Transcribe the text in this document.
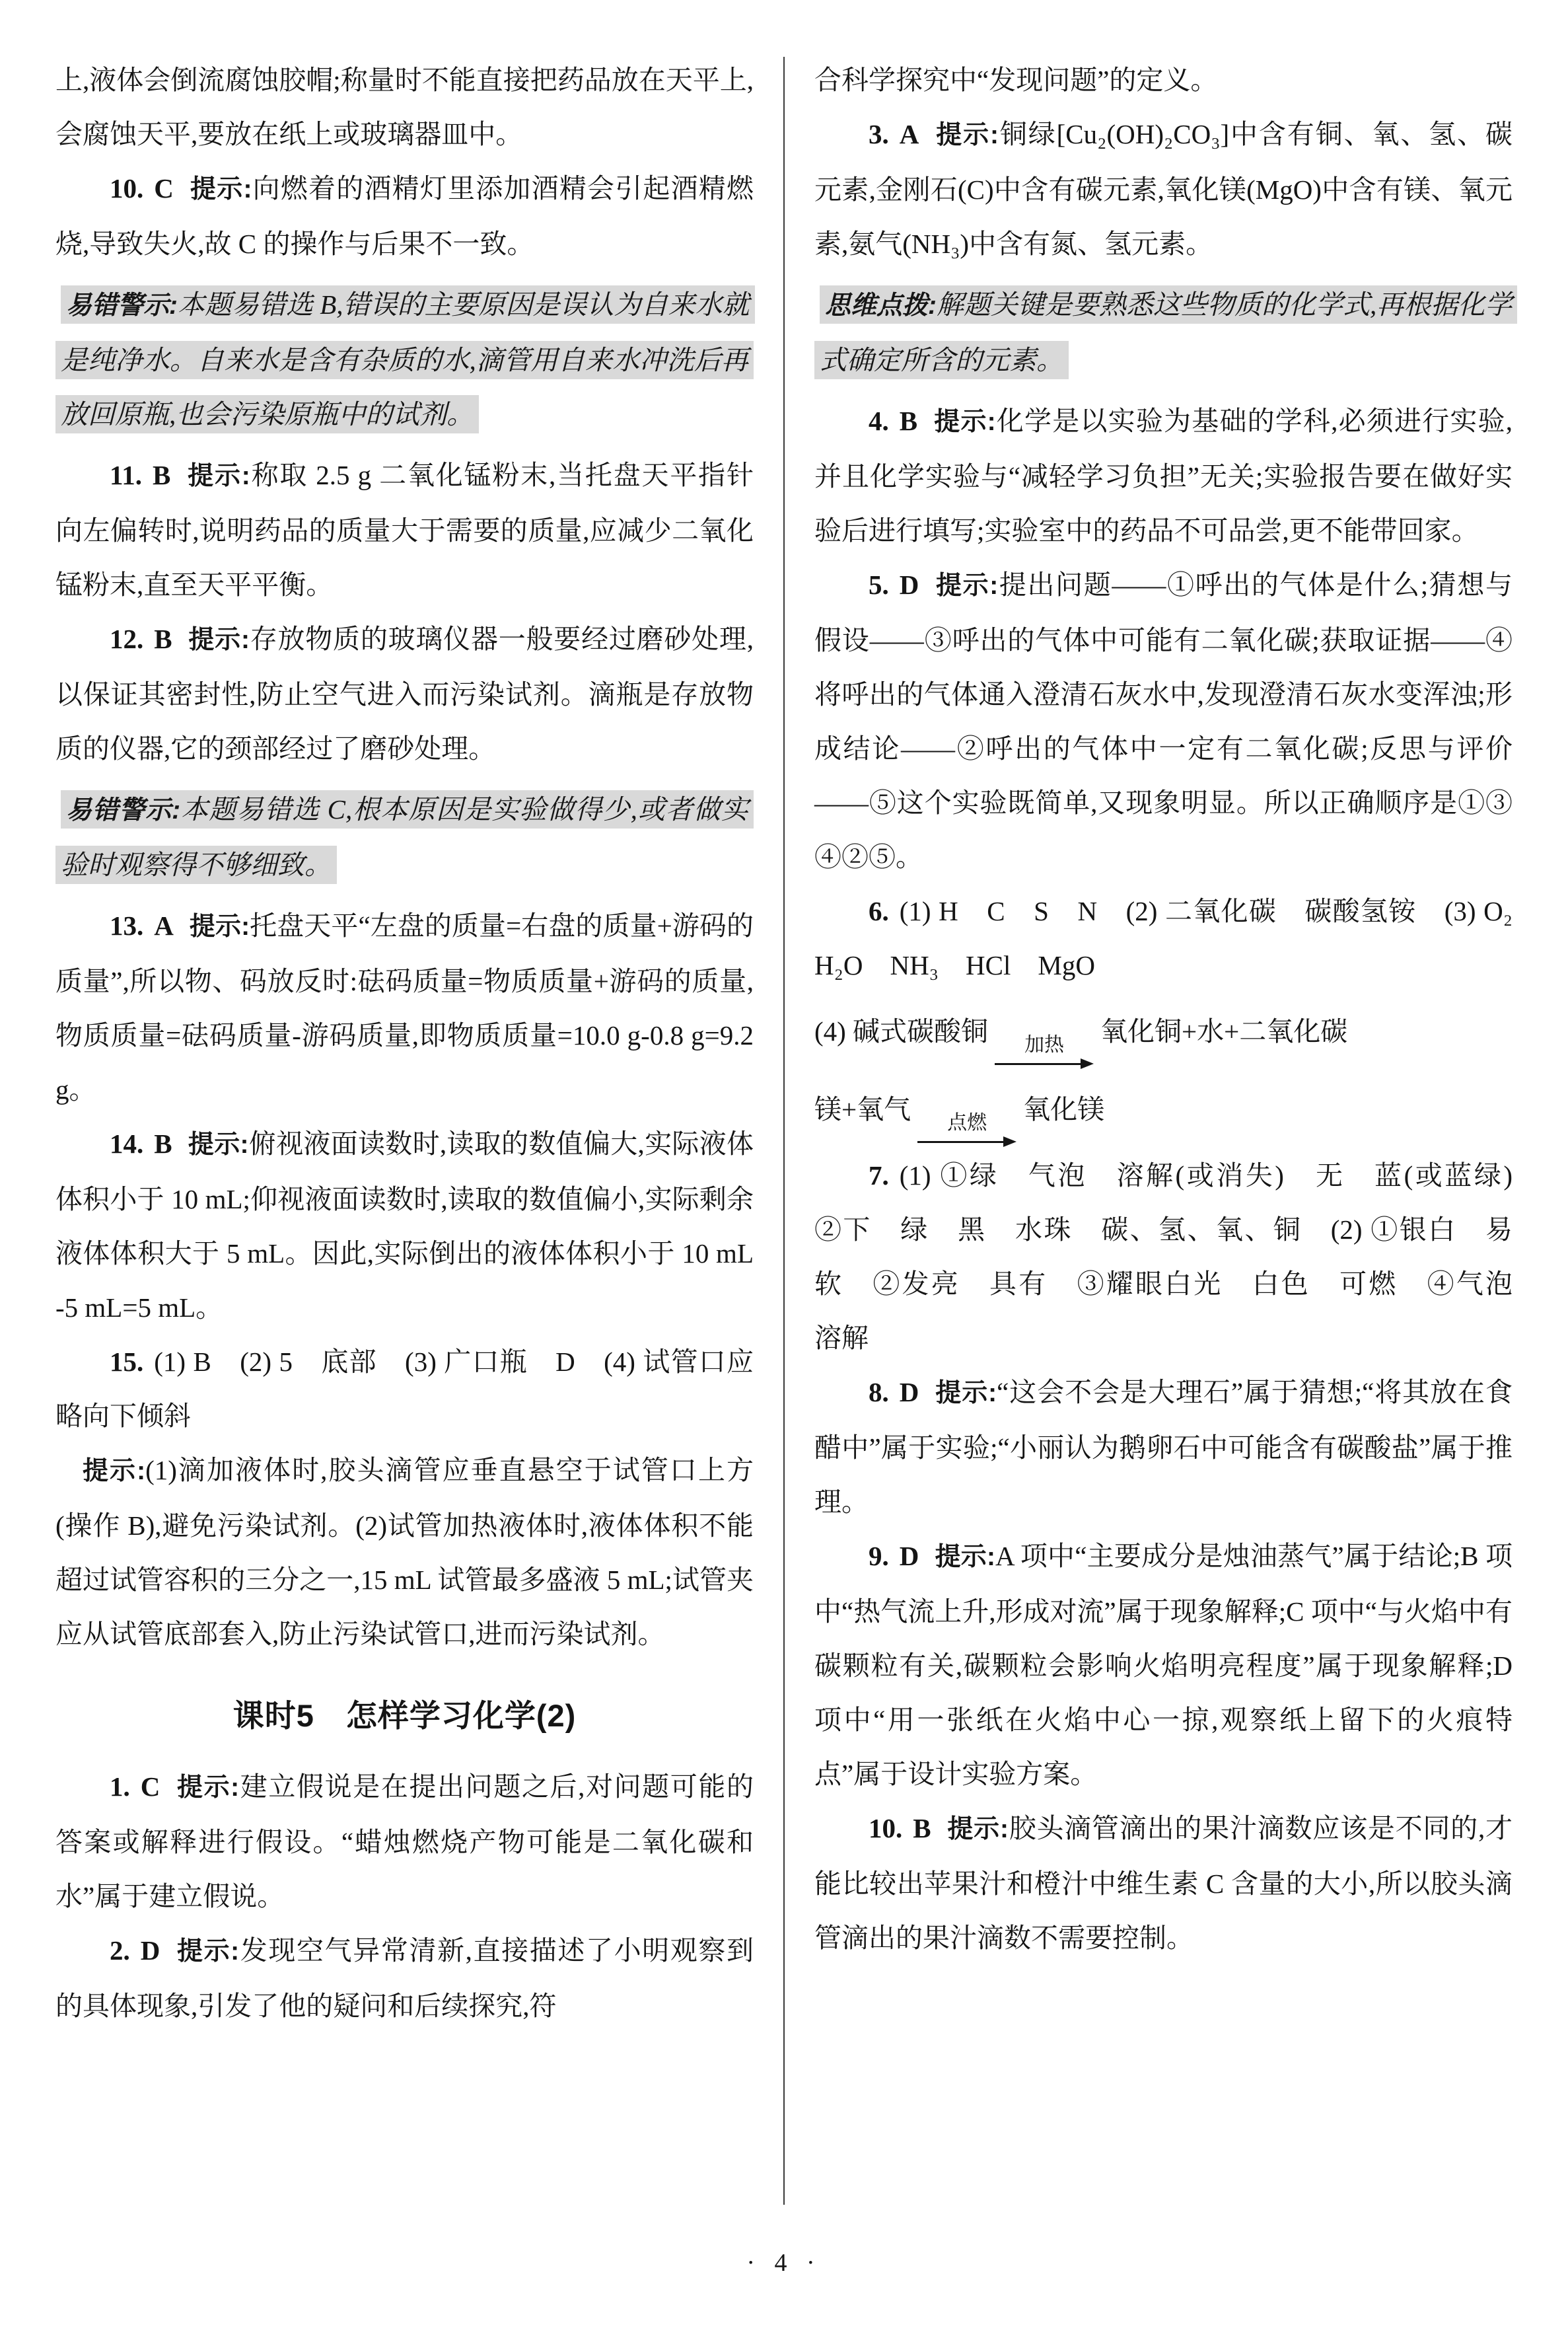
上,液体会倒流腐蚀胶帽;称量时不能直接把药品放在天平上,会腐蚀天平,要放在纸上或玻璃器皿中。

10. C 提示:向燃着的酒精灯里添加酒精会引起酒精燃烧,导致失火,故 C 的操作与后果不一致。

易错警示:本题易错选 B,错误的主要原因是误认为自来水就是纯净水。自来水是含有杂质的水,滴管用自来水冲洗后再放回原瓶,也会污染原瓶中的试剂。

11. B 提示:称取 2.5 g 二氧化锰粉末,当托盘天平指针向左偏转时,说明药品的质量大于需要的质量,应减少二氧化锰粉末,直至天平平衡。

12. B 提示:存放物质的玻璃仪器一般要经过磨砂处理,以保证其密封性,防止空气进入而污染试剂。滴瓶是存放物质的仪器,它的颈部经过了磨砂处理。

易错警示:本题易错选 C,根本原因是实验做得少,或者做实验时观察得不够细致。

13. A 提示:托盘天平“左盘的质量=右盘的质量+游码的质量”,所以物、码放反时:砝码质量=物质质量+游码的质量,物质质量=砝码质量-游码质量,即物质质量=10.0 g-0.8 g=9.2 g。

14. B 提示:俯视液面读数时,读取的数值偏大,实际液体体积小于 10 mL;仰视液面读数时,读取的数值偏小,实际剩余液体体积大于 5 mL。因此,实际倒出的液体体积小于 10 mL-5 mL=5 mL。

15. (1) B　(2) 5　底部　(3) 广口瓶　D　(4) 试管口应略向下倾斜

提示:(1)滴加液体时,胶头滴管应垂直悬空于试管口上方(操作 B),避免污染试剂。(2)试管加热液体时,液体体积不能超过试管容积的三分之一,15 mL 试管最多盛液 5 mL;试管夹应从试管底部套入,防止污染试管口,进而污染试剂。

课时5　怎样学习化学(2)

1. C 提示:建立假说是在提出问题之后,对问题可能的答案或解释进行假设。“蜡烛燃烧产物可能是二氧化碳和水”属于建立假说。

2. D 提示:发现空气异常清新,直接描述了小明观察到的具体现象,引发了他的疑问和后续探究,符

合科学探究中“发现问题”的定义。

3. A 提示:铜绿[Cu₂(OH)₂CO₃]中含有铜、氧、氢、碳元素,金刚石(C)中含有碳元素,氧化镁(MgO)中含有镁、氧元素,氨气(NH₃)中含有氮、氢元素。

思维点拨:解题关键是要熟悉这些物质的化学式,再根据化学式确定所含的元素。

4. B 提示:化学是以实验为基础的学科,必须进行实验,并且化学实验与“减轻学习负担”无关;实验报告要在做好实验后进行填写;实验室中的药品不可品尝,更不能带回家。

5. D 提示:提出问题——①呼出的气体是什么;猜想与假设——③呼出的气体中可能有二氧化碳;获取证据——④将呼出的气体通入澄清石灰水中,发现澄清石灰水变浑浊;形成结论——②呼出的气体中一定有二氧化碳;反思与评价——⑤这个实验既简单,又现象明显。所以正确顺序是①③④②⑤。

6. (1) H　C　S　N　(2) 二氧化碳　碳酸氢铵　(3) O₂　H₂O　NH₃　HCl　MgO

(4) 碱式碳酸铜 加热 氧化铜+水+二氧化碳

镁+氧气 点燃 氧化镁

7. (1) ①绿　气泡　溶解(或消失)　无　蓝(或蓝绿)　②下　绿　黑　水珠　碳、氢、氧、铜　(2) ①银白　易　软　②发亮　具有　③耀眼白光　白色　可燃　④气泡　溶解

8. D 提示:“这会不会是大理石”属于猜想;“将其放在食醋中”属于实验;“小丽认为鹅卵石中可能含有碳酸盐”属于推理。

9. D 提示:A 项中“主要成分是烛油蒸气”属于结论;B 项中“热气流上升,形成对流”属于现象解释;C 项中“与火焰中有碳颗粒有关,碳颗粒会影响火焰明亮程度”属于现象解释;D 项中“用一张纸在火焰中心一掠,观察纸上留下的火痕特点”属于设计实验方案。

10. B 提示:胶头滴管滴出的果汁滴数应该是不同的,才能比较出苹果汁和橙汁中维生素 C 含量的大小,所以胶头滴管滴出的果汁滴数不需要控制。

· 4 ·
